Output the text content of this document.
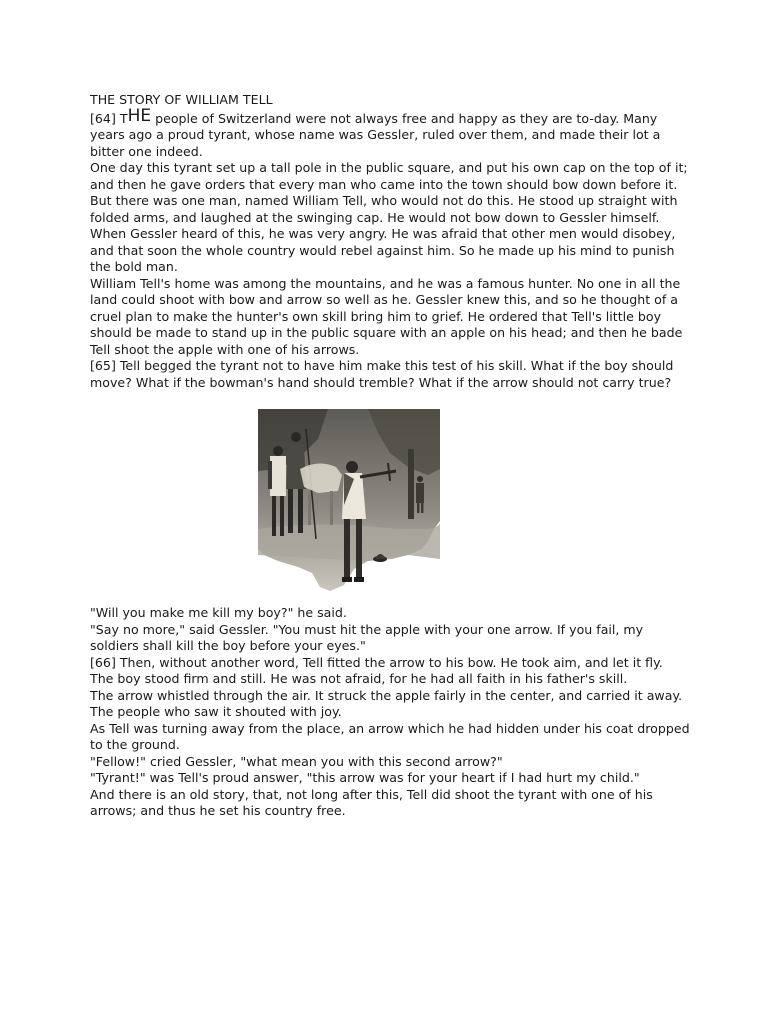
THE STORY OF WILLIAM TELL

[64] THE people of Switzerland were not always free and happy as they are to-day. Many years ago a proud tyrant, whose name was Gessler, ruled over them, and made their lot a bitter one indeed.

One day this tyrant set up a tall pole in the public square, and put his own cap on the top of it; and then he gave orders that every man who came into the town should bow down before it. But there was one man, named William Tell, who would not do this. He stood up straight with folded arms, and laughed at the swinging cap. He would not bow down to Gessler himself.

When Gessler heard of this, he was very angry. He was afraid that other men would disobey, and that soon the whole country would rebel against him. So he made up his mind to punish the bold man.

William Tell's home was among the mountains, and he was a famous hunter. No one in all the land could shoot with bow and arrow so well as he. Gessler knew this, and so he thought of a cruel plan to make the hunter's own skill bring him to grief. He ordered that Tell's little boy should be made to stand up in the public square with an apple on his head; and then he bade Tell shoot the apple with one of his arrows.

[65] Tell begged the tyrant not to have him make this test of his skill. What if the boy should move? What if the bowman's hand should tremble? What if the arrow should not carry true?

"Will you make me kill my boy?" he said.

"Say no more," said Gessler. "You must hit the apple with your one arrow. If you fail, my soldiers shall kill the boy before your eyes."

[66] Then, without another word, Tell fitted the arrow to his bow. He took aim, and let it fly. The boy stood firm and still. He was not afraid, for he had all faith in his father's skill.

The arrow whistled through the air. It struck the apple fairly in the center, and carried it away. The people who saw it shouted with joy.

As Tell was turning away from the place, an arrow which he had hidden under his coat dropped to the ground.

"Fellow!" cried Gessler, "what mean you with this second arrow?"

"Tyrant!" was Tell's proud answer, "this arrow was for your heart if I had hurt my child."

And there is an old story, that, not long after this, Tell did shoot the tyrant with one of his arrows; and thus he set his country free.
